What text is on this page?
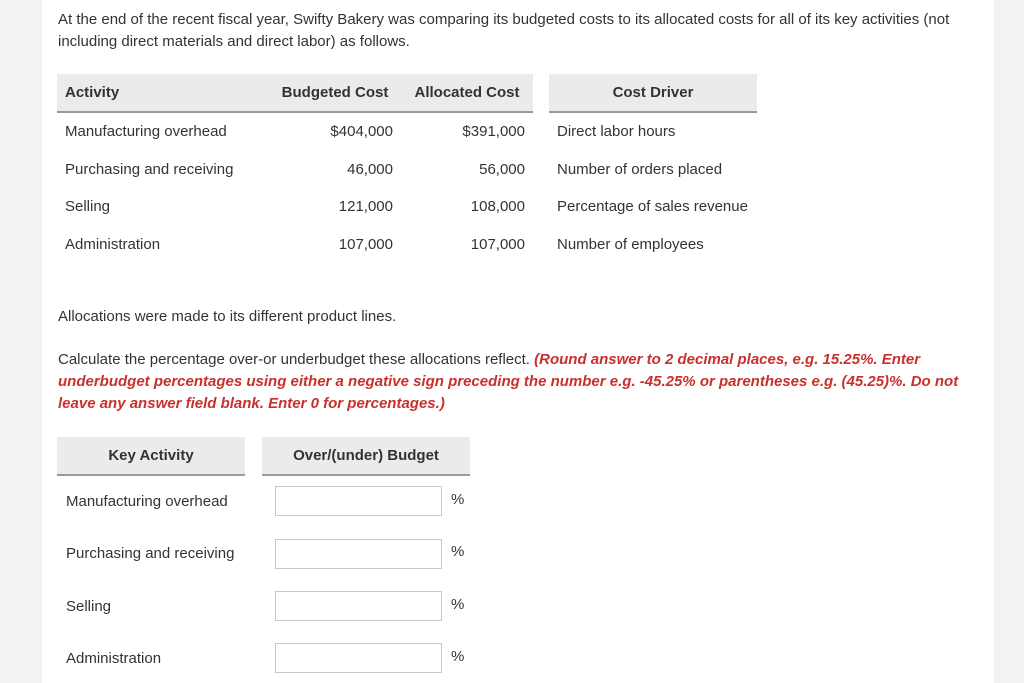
At the end of the recent fiscal year, Swifty Bakery was comparing its budgeted costs to its allocated costs for all of its key activities (not including direct materials and direct labor) as follows.
Activity	Budgeted Cost	Allocated Cost		Cost Driver
Manufacturing overhead	$404,000	$391,000		Direct labor hours
Purchasing and receiving	46,000	56,000		Number of orders placed
Selling	121,000	108,000		Percentage of sales revenue
Administration	107,000	107,000		Number of employees
Allocations were made to its different product lines.
Calculate the percentage over-or underbudget these allocations reflect. (Round answer to 2 decimal places, e.g. 15.25%. Enter underbudget percentages using either a negative sign preceding the number e.g. -45.25% or parentheses e.g. (45.25)%. Do not leave any answer field blank. Enter 0 for percentages.)
Key Activity	Over/(under) Budget
Manufacturing overhead	%
Purchasing and receiving	%
Selling	%
Administration	%
